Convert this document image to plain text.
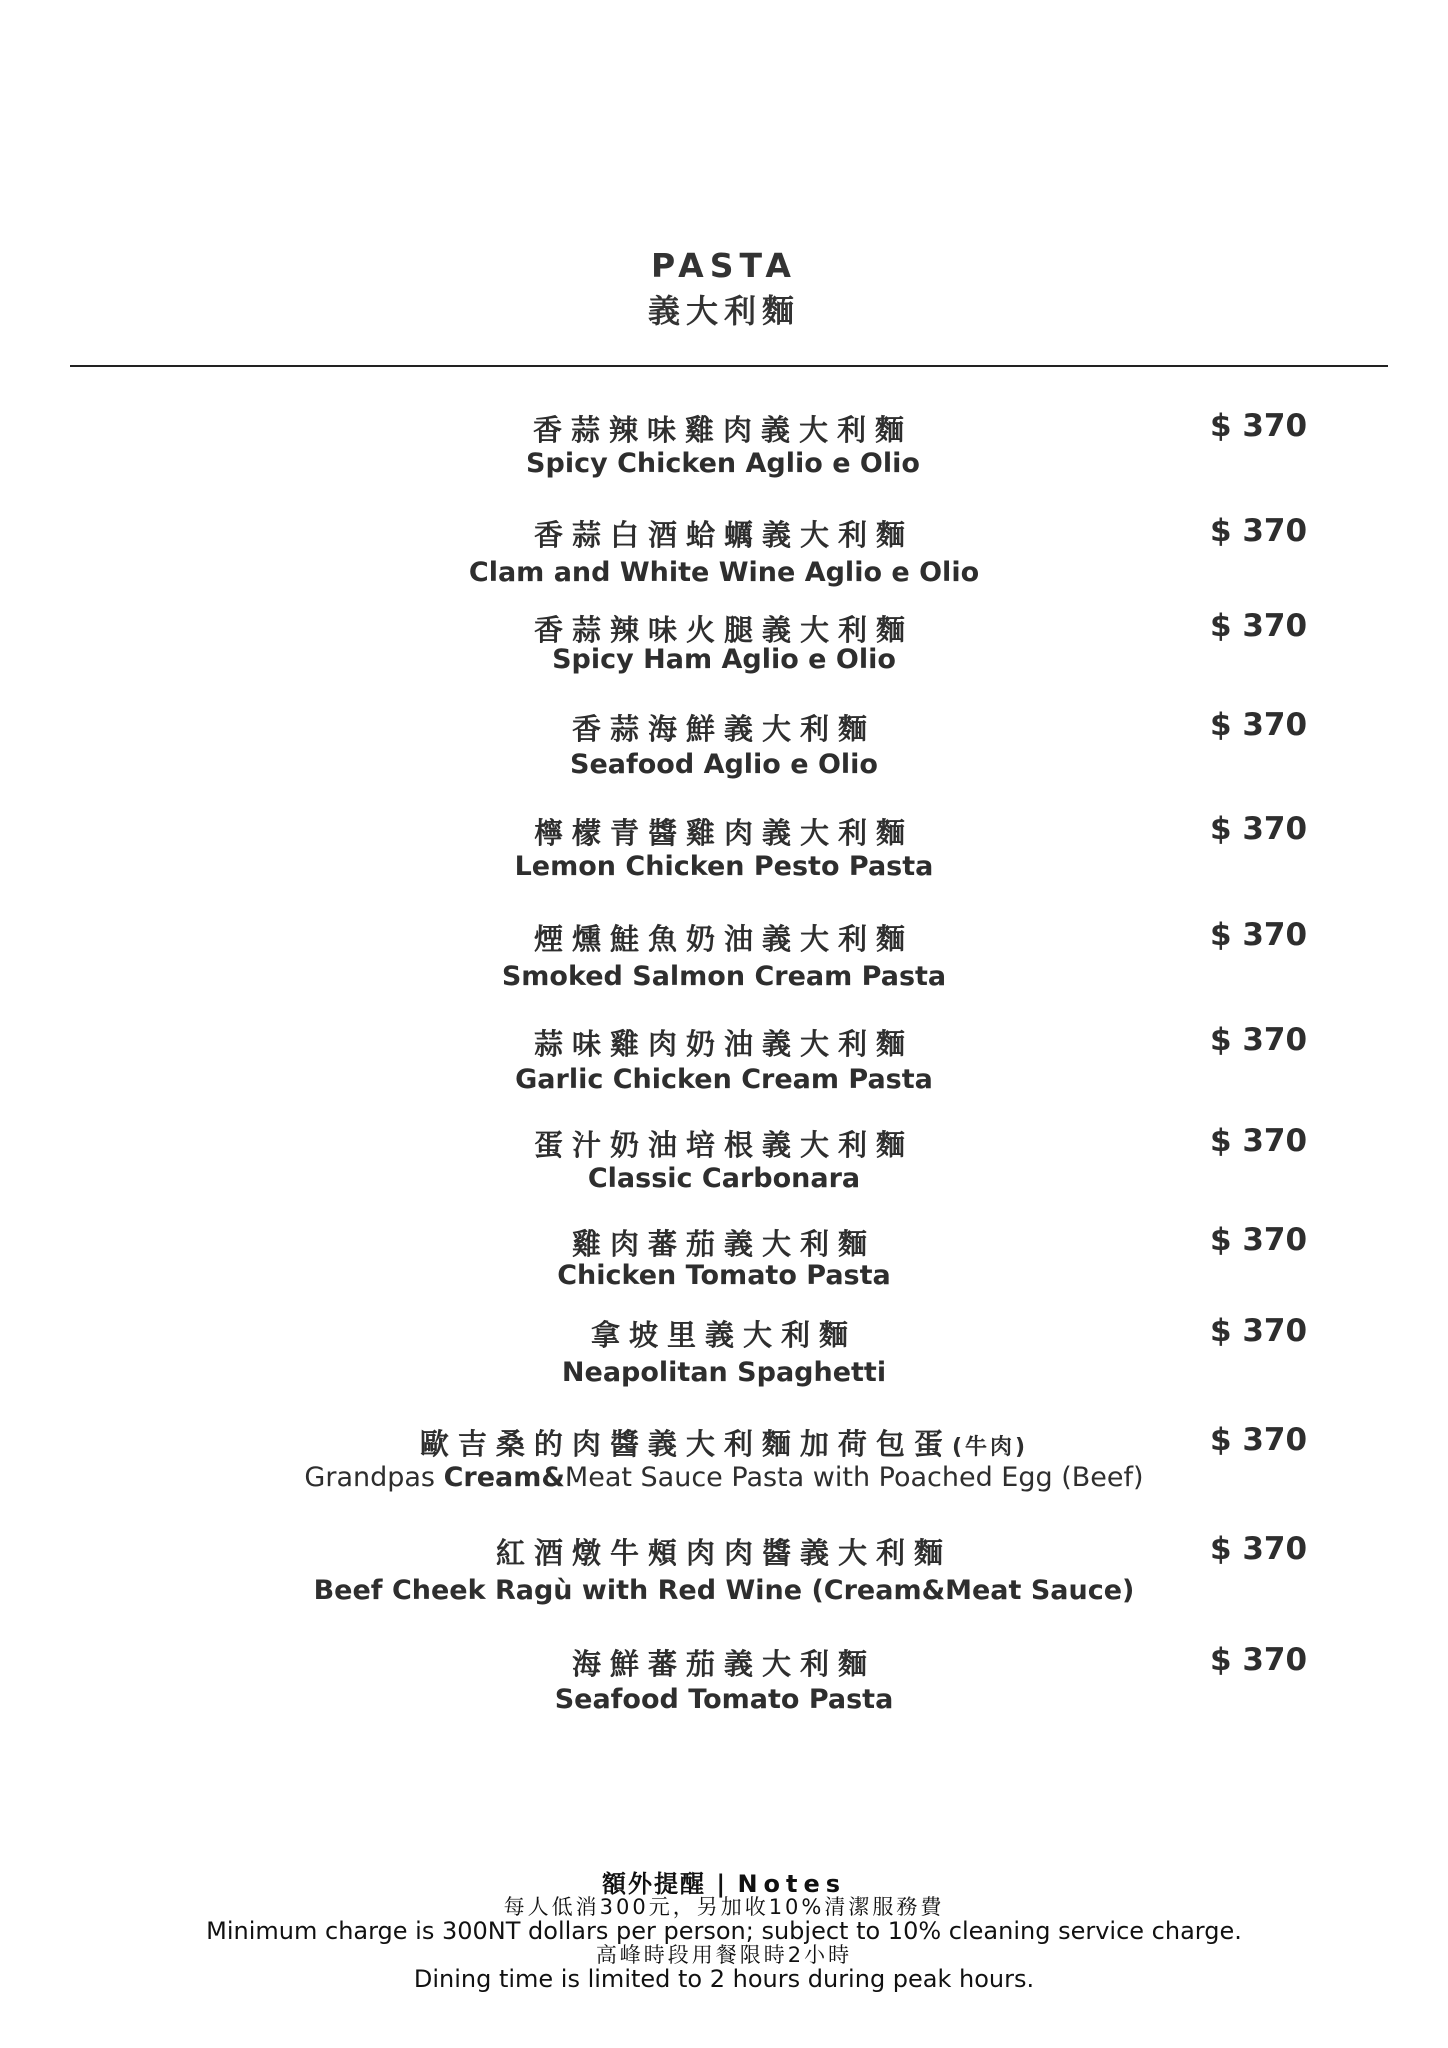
PASTA
義大利麵
香蒜辣味雞肉義大利麵
Spicy Chicken Aglio e Olio
$ 370
香蒜白酒蛤蠣義大利麵
Clam and White Wine Aglio e Olio
$ 370
香蒜辣味火腿義大利麵
Spicy Ham Aglio e Olio
$ 370
香蒜海鮮義大利麵
Seafood Aglio e Olio
$ 370
檸檬青醬雞肉義大利麵
Lemon Chicken Pesto Pasta
$ 370
煙燻鮭魚奶油義大利麵
Smoked Salmon Cream Pasta
$ 370
蒜味雞肉奶油義大利麵
Garlic Chicken Cream Pasta
$ 370
蛋汁奶油培根義大利麵
Classic Carbonara
$ 370
雞肉蕃茄義大利麵
Chicken Tomato Pasta
$ 370
拿坡里義大利麵
Neapolitan Spaghetti
$ 370
歐吉桑的肉醬義大利麵加荷包蛋(牛肉)
Grandpas Cream&Meat Sauce Pasta with Poached Egg (Beef)
$ 370
紅酒燉牛頰肉肉醬義大利麵
Beef Cheek Ragù with Red Wine (Cream&Meat Sauce)
$ 370
海鮮蕃茄義大利麵
Seafood Tomato Pasta
$ 370
額外提醒 | Notes
每人低消300元，另加收10%清潔服務費
Minimum charge is 300NT dollars per person; subject to 10% cleaning service charge.
高峰時段用餐限時2小時
Dining time is limited to 2 hours during peak hours.
